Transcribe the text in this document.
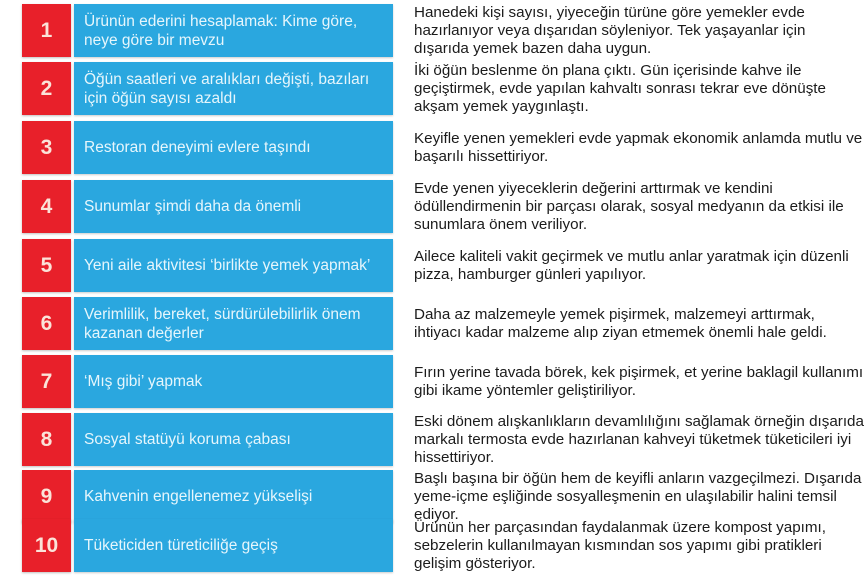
1	Ürünün ederini hesaplamak: Kime göre, neye göre bir mevzu
Hanedeki kişi sayısı, yiyeceğin türüne göre yemekler evde hazırlanıyor veya dışarıdan söyleniyor. Tek yaşayanlar için dışarıda yemek bazen daha uygun.
2	Öğün saatleri ve aralıkları değişti, bazıları için öğün sayısı azaldı
İki öğün beslenme ön plana çıktı. Gün içerisinde kahve ile geçiştirmek, evde yapılan kahvaltı sonrası tekrar eve dönüşte akşam yemek yaygınlaştı.
3	Restoran deneyimi evlere taşındı
Keyifle yenen yemekleri evde yapmak ekonomik anlamda mutlu ve başarılı hissettiriyor.
4	Sunumlar şimdi daha da önemli
Evde yenen yiyeceklerin değerini arttırmak ve kendini ödüllendirmenin bir parçası olarak, sosyal medyanın da etkisi ile sunumlara önem veriliyor.
5	Yeni aile aktivitesi ‘birlikte yemek yapmak’
Ailece kaliteli vakit geçirmek ve mutlu anlar yaratmak için düzenli pizza, hamburger günleri yapılıyor.
6	Verimlilik, bereket, sürdürülebilirlik önem kazanan değerler
Daha az malzemeyle yemek pişirmek, malzemeyi arttırmak, ihtiyacı kadar malzeme alıp ziyan etmemek önemli hale geldi.
7	‘Mış gibi’ yapmak
Fırın yerine tavada börek, kek pişirmek, et yerine baklagil kullanımı gibi ikame yöntemler geliştiriliyor.
8	Sosyal statüyü koruma çabası
Eski dönem alışkanlıkların devamlılığını sağlamak örneğin dışarıda markalı termosta evde hazırlanan kahveyi tüketmek tüketicileri iyi hissettiriyor.
9	Kahvenin engellenemez yükselişi
Başlı başına bir öğün hem de keyifli anların vazgeçilmezi. Dışarıda yeme-içme eşliğinde sosyalleşmenin en ulaşılabilir halini temsil ediyor.
10	Tüketiciden türeticiliğe geçiş
Ürünün her parçasından faydalanmak üzere kompost yapımı, sebzelerin kullanılmayan kısmından sos yapımı gibi pratikleri gelişim gösteriyor.
